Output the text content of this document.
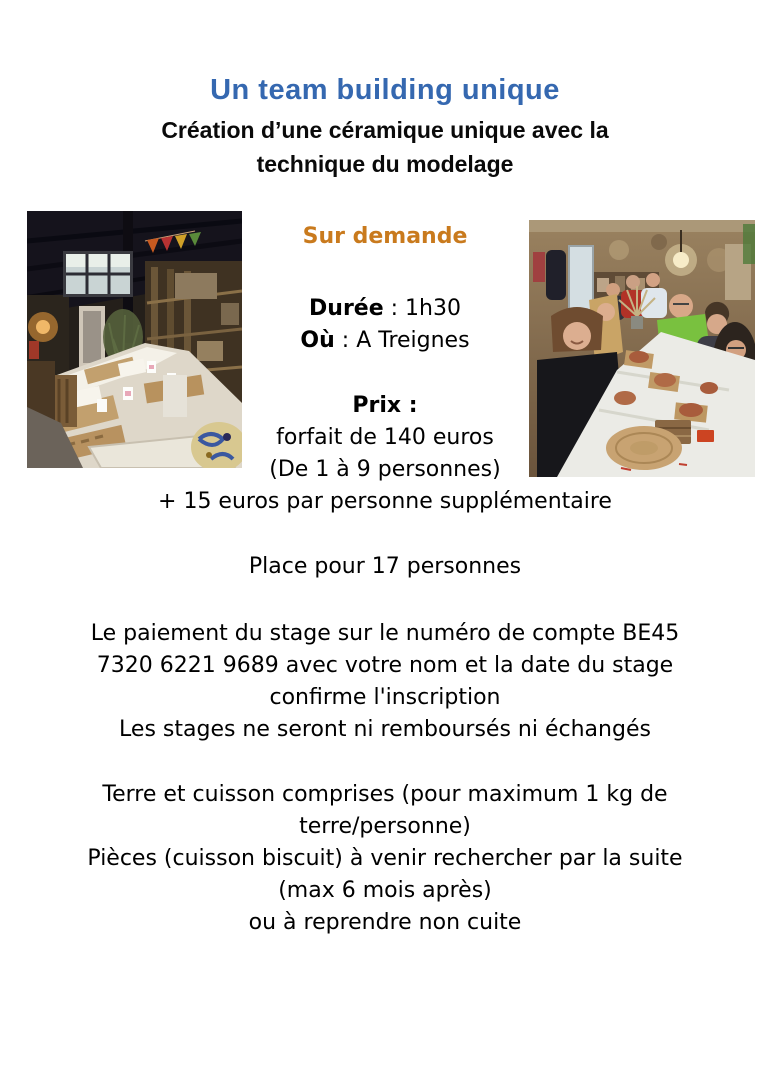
Un team building unique
Création d’une céramique unique avec la
technique du modelage
Sur demande
Durée : 1h30
Où : A Treignes
Prix :
forfait de 140 euros
(De 1 à 9 personnes)
+ 15 euros par personne supplémentaire
Place pour 17 personnes
Le paiement du stage sur le numéro de compte BE45
7320 6221 9689 avec votre nom et la date du stage
confirme l'inscription
Les stages ne seront ni remboursés ni échangés
Terre et cuisson comprises (pour maximum 1 kg de
terre/personne)
Pièces (cuisson biscuit) à venir rechercher par la suite
(max 6 mois après)
ou à reprendre non cuite
